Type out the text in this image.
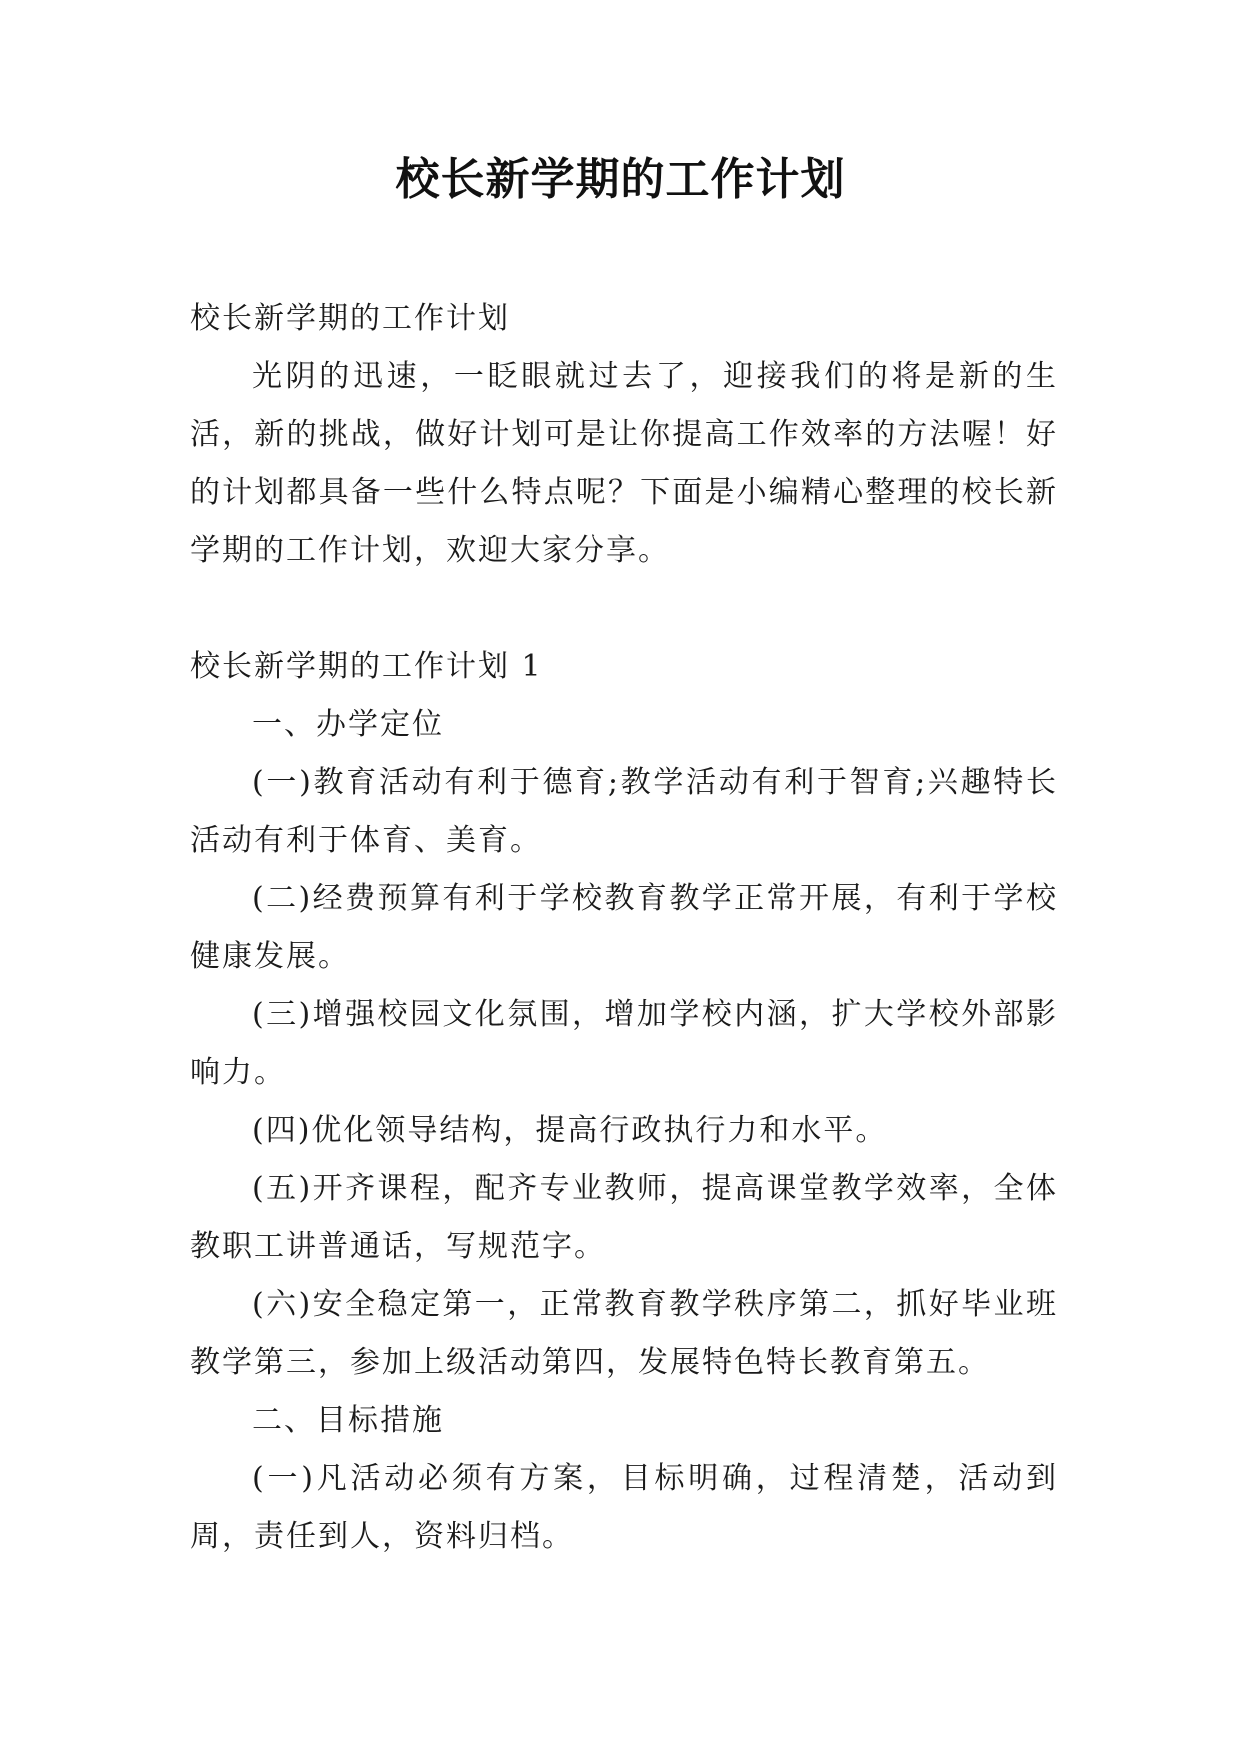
校长新学期的工作计划

校长新学期的工作计划

光阴的迅速，一眨眼就过去了，迎接我们的将是新的生活，新的挑战，做好计划可是让你提高工作效率的方法喔！好的计划都具备一些什么特点呢？下面是小编精心整理的校长新学期的工作计划，欢迎大家分享。

校长新学期的工作计划 1

一、办学定位

(一)教育活动有利于德育;教学活动有利于智育;兴趣特长活动有利于体育、美育。

(二)经费预算有利于学校教育教学正常开展，有利于学校健康发展。

(三)增强校园文化氛围，增加学校内涵，扩大学校外部影响力。

(四)优化领导结构，提高行政执行力和水平。

(五)开齐课程，配齐专业教师，提高课堂教学效率，全体教职工讲普通话，写规范字。

(六)安全稳定第一，正常教育教学秩序第二，抓好毕业班教学第三，参加上级活动第四，发展特色特长教育第五。

二、目标措施

(一)凡活动必须有方案，目标明确，过程清楚，活动到周，责任到人，资料归档。
